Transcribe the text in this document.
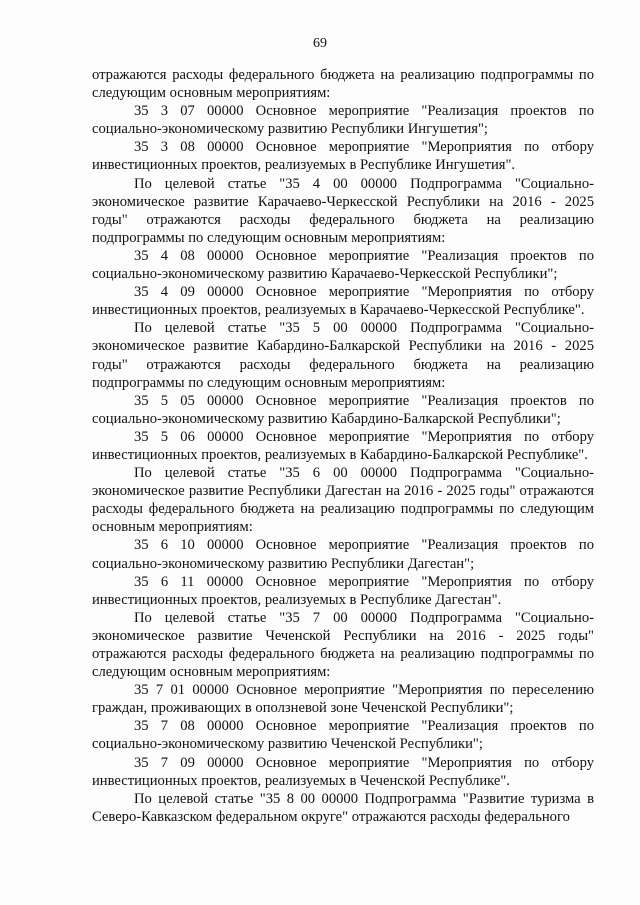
69

отражаются расходы федерального бюджета на реализацию подпрограммы по следующим основным мероприятиям:

35 3 07 00000 Основное мероприятие "Реализация проектов по социально-экономическому развитию Республики Ингушетия";

35 3 08 00000 Основное мероприятие "Мероприятия по отбору инвестиционных проектов, реализуемых в Республике Ингушетия".

По целевой статье "35 4 00 00000 Подпрограмма "Социально-экономическое развитие Карачаево-Черкесской Республики на 2016 - 2025 годы" отражаются расходы федерального бюджета на реализацию подпрограммы по следующим основным мероприятиям:

35 4 08 00000 Основное мероприятие "Реализация проектов по социально-экономическому развитию Карачаево-Черкесской Республики";

35 4 09 00000 Основное мероприятие "Мероприятия по отбору инвестиционных проектов, реализуемых в Карачаево-Черкесской Республике".

По целевой статье "35 5 00 00000 Подпрограмма "Социально-экономическое развитие Кабардино-Балкарской Республики на 2016 - 2025 годы" отражаются расходы федерального бюджета на реализацию подпрограммы по следующим основным мероприятиям:

35 5 05 00000 Основное мероприятие "Реализация проектов по социально-экономическому развитию Кабардино-Балкарской Республики";

35 5 06 00000 Основное мероприятие "Мероприятия по отбору инвестиционных проектов, реализуемых в Кабардино-Балкарской Республике".

По целевой статье "35 6 00 00000 Подпрограмма "Социально-экономическое развитие Республики Дагестан на 2016 - 2025 годы" отражаются расходы федерального бюджета на реализацию подпрограммы по следующим основным мероприятиям:

35 6 10 00000 Основное мероприятие "Реализация проектов по социально-экономическому развитию Республики Дагестан";

35 6 11 00000 Основное мероприятие "Мероприятия по отбору инвестиционных проектов, реализуемых в Республике Дагестан".

По целевой статье "35 7 00 00000 Подпрограмма "Социально-экономическое развитие Чеченской Республики на 2016 - 2025 годы" отражаются расходы федерального бюджета на реализацию подпрограммы по следующим основным мероприятиям:

35 7 01 00000 Основное мероприятие "Мероприятия по переселению граждан, проживающих в оползневой зоне Чеченской Республики";

35 7 08 00000 Основное мероприятие "Реализация проектов по социально-экономическому развитию Чеченской Республики";

35 7 09 00000 Основное мероприятие "Мероприятия по отбору инвестиционных проектов, реализуемых в Чеченской Республике".

По целевой статье "35 8 00 00000 Подпрограмма "Развитие туризма в Северо-Кавказском федеральном округе" отражаются расходы федерального
